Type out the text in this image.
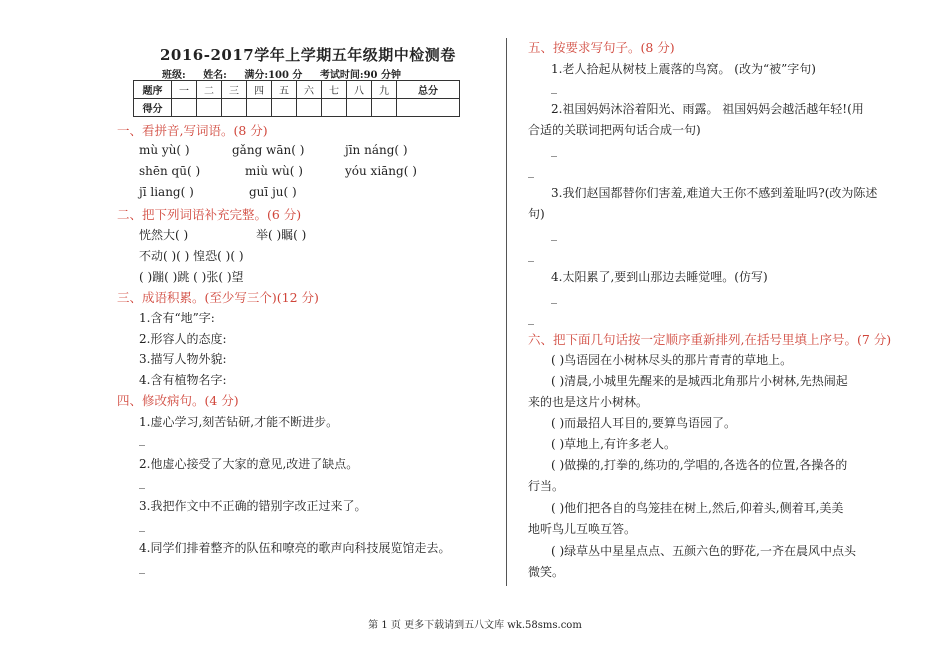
2016-2017学年上学期五年级期中检测卷
班级: 姓名: 满分:100 分 考试时间:90 分钟
题序	一	二	三	四	五	六	七	八	九	总分
得分										
一、看拼音,写词语。(8 分)
mù yù( )	gǎng wān( )	jīn náng( )
shēn qū( )	miù wù( )	yóu xiāng( )
jī liang( )	guī ju( )
二、把下列词语补充完整。(6 分)
恍然大( )	举( )瞩( )
不动( )( ) 惶恐( )( )
( )蹦( )跳 ( )张( )望
三、成语积累。(至少写三个)(12 分)
1.含有“地”字:
2.形容人的态度:
3.描写人物外貌:
4.含有植物名字:
四、修改病句。(4 分)
1.虚心学习,刻苦钻研,才能不断进步。
_
2.他虚心接受了大家的意见,改进了缺点。
_
3.我把作文中不正确的错别字改正过来了。
_
4.同学们排着整齐的队伍和嘹亮的歌声向科技展览馆走去。
_
五、按要求写句子。(8 分)
1.老人拾起从树枝上震落的鸟窝。 (改为“被”字句)
_
2.祖国妈妈沐浴着阳光、雨露。 祖国妈妈会越活越年轻!(用
合适的关联词把两句话合成一句)
_
_
3.我们赵国都替你们害羞,难道大王你不感到羞耻吗?(改为陈述
句)
_
_
4.太阳累了,要到山那边去睡觉哩。(仿写)
_
_
六、把下面几句话按一定顺序重新排列,在括号里填上序号。(7 分)
( )鸟语园在小树林尽头的那片青青的草地上。
( )清晨,小城里先醒来的是城西北角那片小树林,先热闹起
来的也是这片小树林。
( )而最招人耳目的,要算鸟语园了。
( )草地上,有许多老人。
( )做操的,打拳的,练功的,学唱的,各选各的位置,各操各的
行当。
( )他们把各自的鸟笼挂在树上,然后,仰着头,侧着耳,美美
地听鸟儿互唤互答。
( )绿草丛中星星点点、五颜六色的野花,一齐在晨风中点头
微笑。
第 1 页 更多下载请到五八文库 wk.58sms.com
